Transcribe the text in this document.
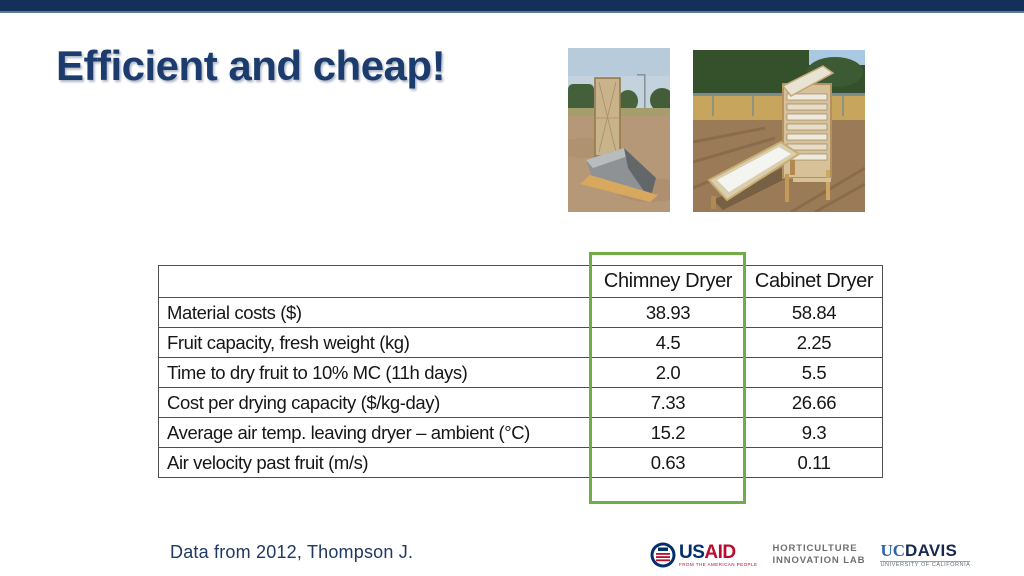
Efficient and cheap!
	Chimney Dryer	Cabinet Dryer
Material costs ($)	38.93	58.84
Fruit capacity, fresh weight (kg)	4.5	2.25
Time to dry fruit to 10% MC (11h days)	2.0	5.5
Cost per drying capacity ($/kg-day)	7.33	26.66
Average air temp. leaving dryer – ambient (°C)	15.2	9.3
Air velocity past fruit (m/s)	0.63	0.11
Data from 2012, Thompson J.	USAID
FROM THE AMERICAN PEOPLE
HORTICULTURE
INNOVATION LAB
UCDAVIS
UNIVERSITY OF CALIFORNIA
